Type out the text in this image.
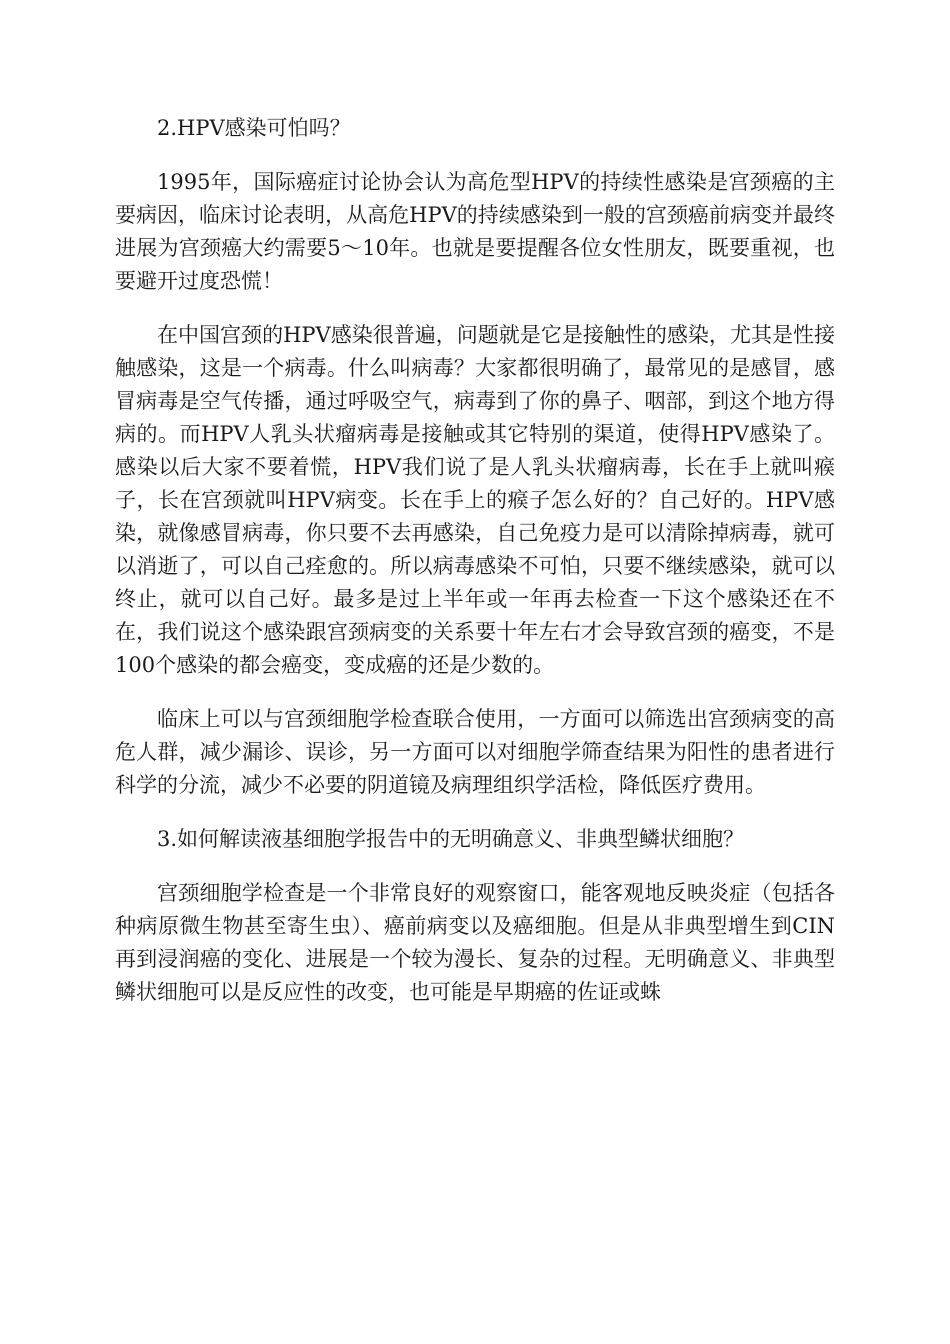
2.HPV感染可怕吗？

1995年，国际癌症讨论协会认为高危型HPV的持续性感染是宫颈癌的主要病因，临床讨论表明，从高危HPV的持续感染到一般的宫颈癌前病变并最终进展为宫颈癌大约需要5～10年。也就是要提醒各位女性朋友，既要重视，也要避开过度恐慌！

在中国宫颈的HPV感染很普遍，问题就是它是接触性的感染，尤其是性接触感染，这是一个病毒。什么叫病毒？大家都很明确了，最常见的是感冒，感冒病毒是空气传播，通过呼吸空气，病毒到了你的鼻子、咽部，到这个地方得病的。而HPV人乳头状瘤病毒是接触或其它特别的渠道，使得HPV感染了。感染以后大家不要着慌，HPV我们说了是人乳头状瘤病毒，长在手上就叫瘊子，长在宫颈就叫HPV病变。长在手上的瘊子怎么好的？自己好的。HPV感染，就像感冒病毒，你只要不去再感染，自己免疫力是可以清除掉病毒，就可以消逝了，可以自己痊愈的。所以病毒感染不可怕，只要不继续感染，就可以终止，就可以自己好。最多是过上半年或一年再去检查一下这个感染还在不在，我们说这个感染跟宫颈病变的关系要十年左右才会导致宫颈的癌变，不是100个感染的都会癌变，变成癌的还是少数的。

临床上可以与宫颈细胞学检查联合使用，一方面可以筛选出宫颈病变的高危人群，减少漏诊、误诊，另一方面可以对细胞学筛查结果为阳性的患者进行科学的分流，减少不必要的阴道镜及病理组织学活检，降低医疗费用。

3.如何解读液基细胞学报告中的无明确意义、非典型鳞状细胞？

宫颈细胞学检查是一个非常良好的观察窗口，能客观地反映炎症（包括各种病原微生物甚至寄生虫）、癌前病变以及癌细胞。但是从非典型增生到CIN再到浸润癌的变化、进展是一个较为漫长、复杂的过程。无明确意义、非典型鳞状细胞可以是反应性的改变，也可能是早期癌的佐证或蛛
